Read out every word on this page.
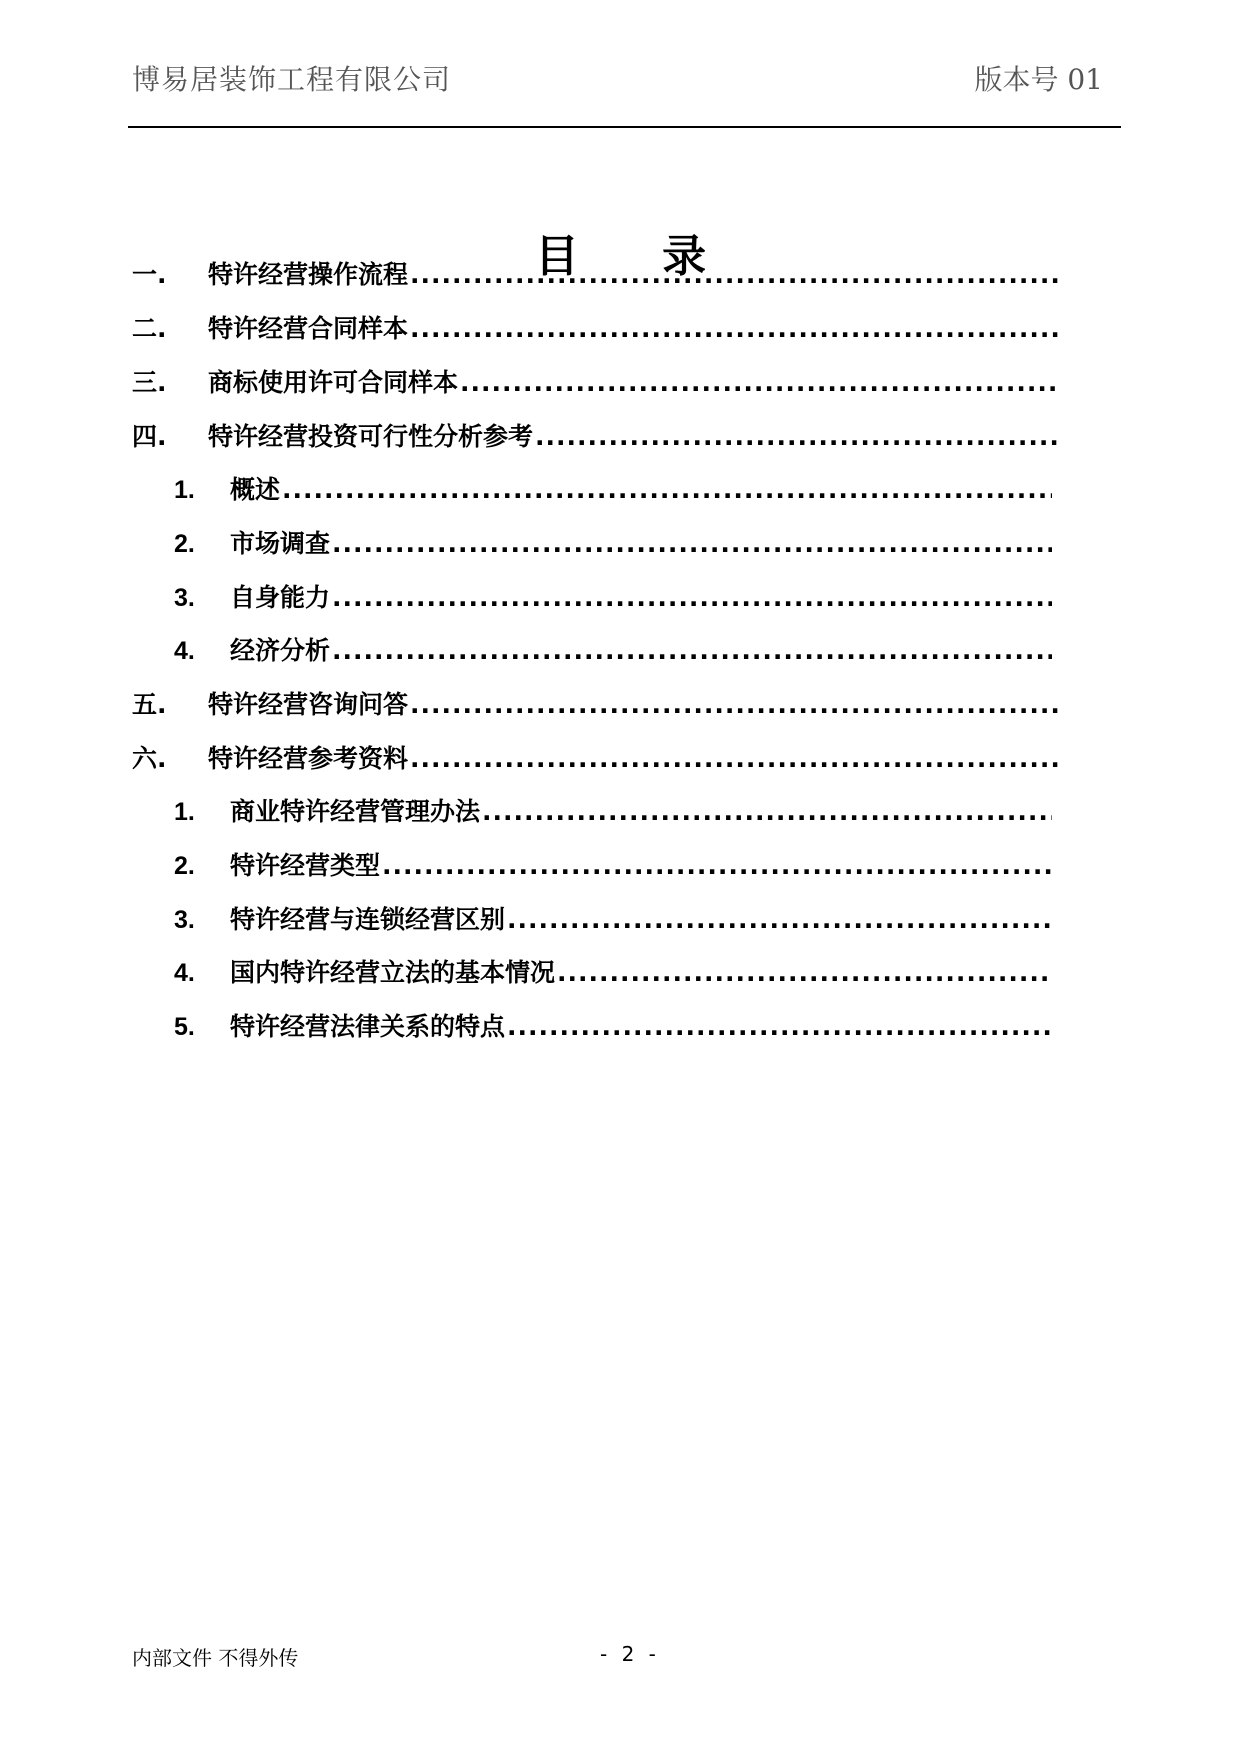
博易居装饰工程有限公司	版本号 01
目 录
一.	特许经营操作流程
.....
二.	特许经营合同样本
.....
三.	商标使用许可合同样本
.....
四.	特许经营投资可行性分析参考
.....
1.	概述
.....
2.	市场调查
.....
3.	自身能力
.....
4.	经济分析
.....
五.	特许经营咨询问答
.....
六.	特许经营参考资料
.....
1.	商业特许经营管理办法
.....
2.	特许经营类型
.....
3.	特许经营与连锁经营区别
.....
4.	国内特许经营立法的基本情况
.....
5.	特许经营法律关系的特点
.....
内部文件 不得外传	- 2 -
